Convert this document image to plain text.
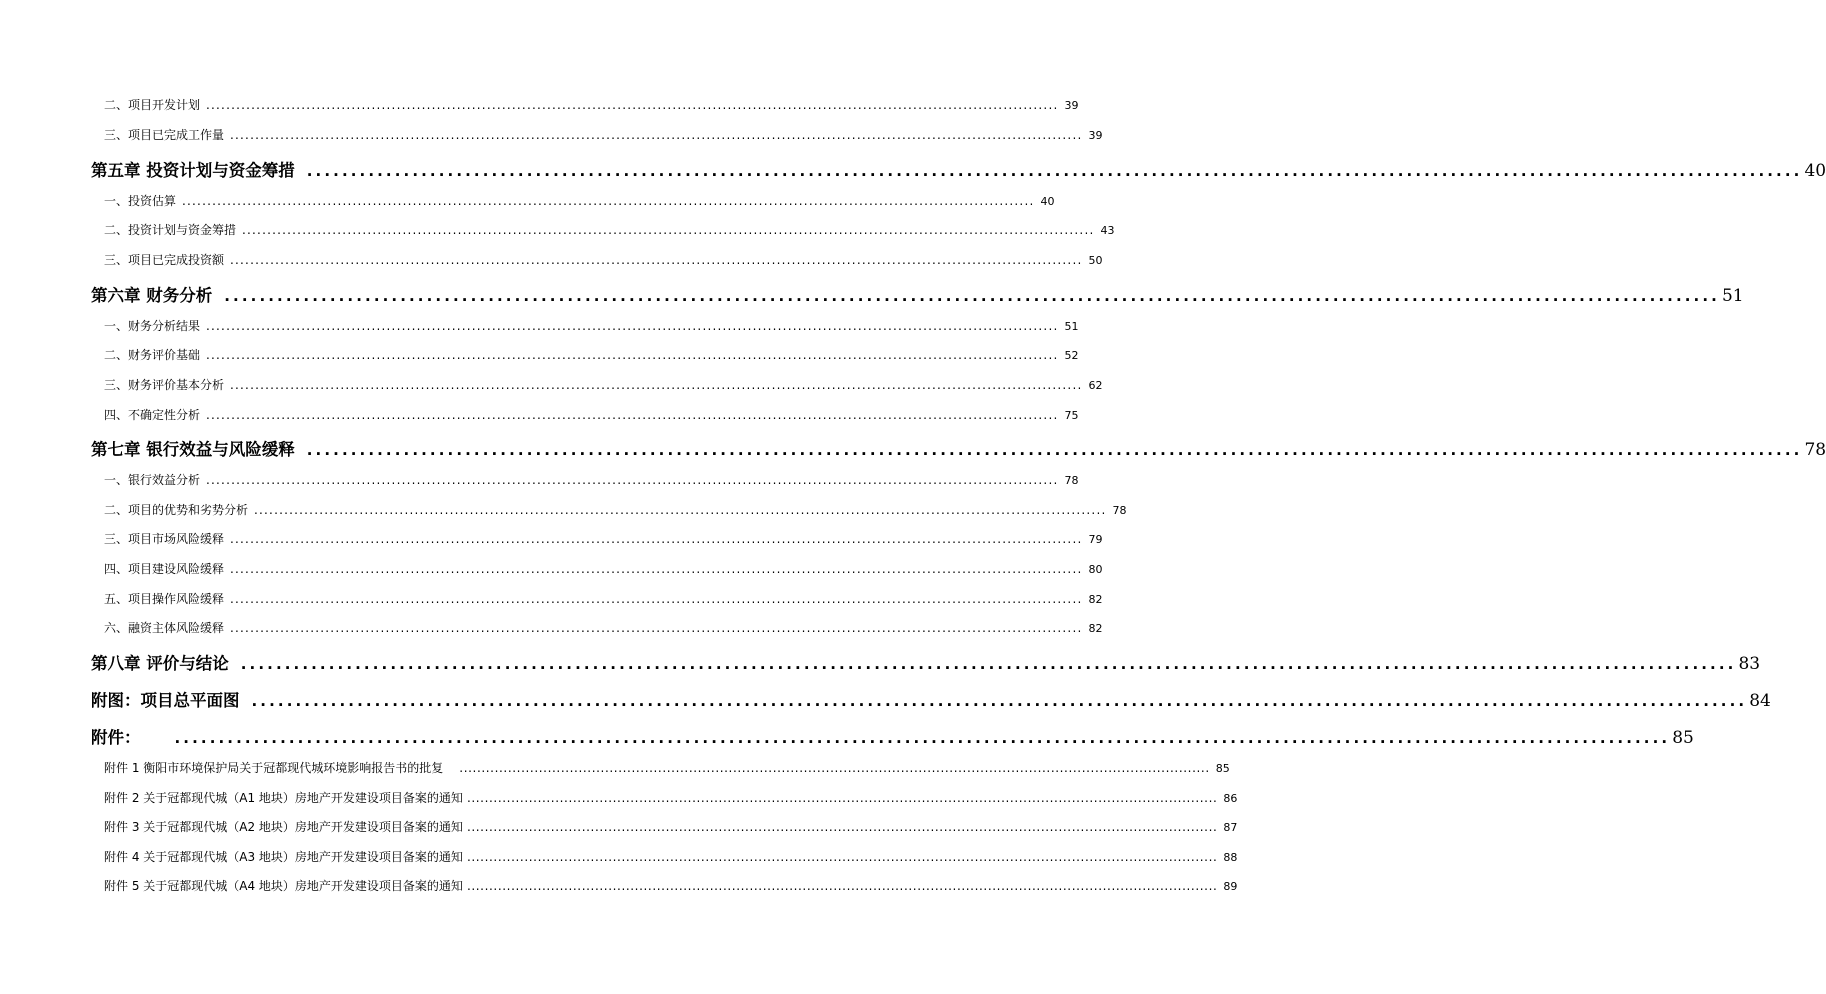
二、项目开发计划 .......................................................................................................................................................................... 39
三、项目已完成工作量 .......................................................................................................................................................................... 39
第五章 投资计划与资金筹措 .......................................................................................................................................................................... 40
一、投资估算 .......................................................................................................................................................................... 40
二、投资计划与资金筹措 .......................................................................................................................................................................... 43
三、项目已完成投资额 .......................................................................................................................................................................... 50
第六章 财务分析 .......................................................................................................................................................................... 51
一、财务分析结果 .......................................................................................................................................................................... 51
二、财务评价基础 .......................................................................................................................................................................... 52
三、财务评价基本分析 .......................................................................................................................................................................... 62
四、不确定性分析 .......................................................................................................................................................................... 75
第七章 银行效益与风险缓释 .......................................................................................................................................................................... 78
一、银行效益分析 .......................................................................................................................................................................... 78
二、项目的优势和劣势分析 .......................................................................................................................................................................... 78
三、项目市场风险缓释 .......................................................................................................................................................................... 79
四、项目建设风险缓释 .......................................................................................................................................................................... 80
五、项目操作风险缓释 .......................................................................................................................................................................... 82
六、融资主体风险缓释 .......................................................................................................................................................................... 82
第八章 评价与结论 .......................................................................................................................................................................... 83
附图：项目总平面图 .......................................................................................................................................................................... 84
附件：	.......................................................................................................................................................................... 85
附件 1 衡阳市环境保护局关于冠都现代城环境影响报告书的批复	.......................................................................................................................................................................... 85
附件 2 关于冠都现代城（A1 地块）房地产开发建设项目备案的通知 .......................................................................................................................................................................... 86
附件 3 关于冠都现代城（A2 地块）房地产开发建设项目备案的通知 .......................................................................................................................................................................... 87
附件 4 关于冠都现代城（A3 地块）房地产开发建设项目备案的通知 .......................................................................................................................................................................... 88
附件 5 关于冠都现代城（A4 地块）房地产开发建设项目备案的通知 .......................................................................................................................................................................... 89
